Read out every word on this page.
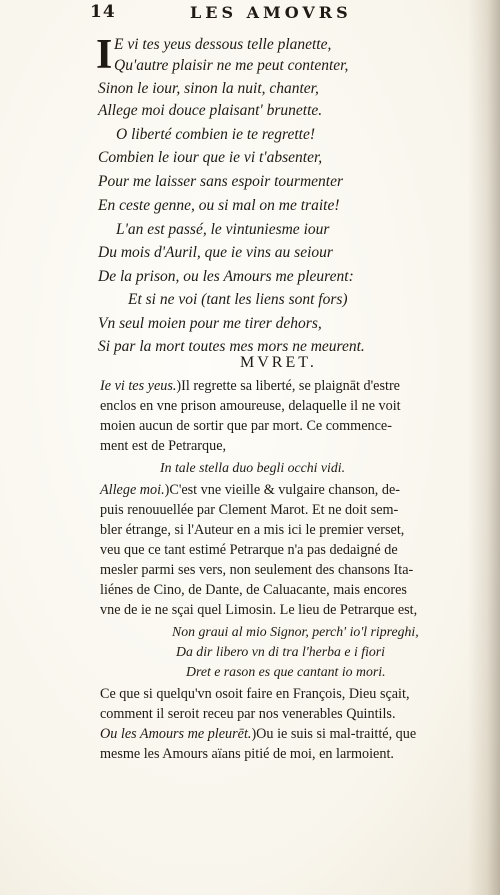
14	LES AMOVRS
I E vi tes yeus dessous telle planette,
Qu'autre plaisir ne me peut contenter,
Sinon le iour, sinon la nuit, chanter,
Allege moi douce plaisant' brunette.
O liberté combien ie te regrette!
Combien le iour que ie vi t'absenter,
Pour me laisser sans espoir tourmenter
En ceste genne, ou si mal on me traite!
L'an est passé, le vintuniesme iour
Du mois d'Auril, que ie vins au seiour
De la prison, ou les Amours me pleurent:
Et si ne voi (tant les liens sont fors)
Vn seul moien pour me tirer dehors,
Si par la mort toutes mes mors ne meurent.
MVRET.
Ie vi tes yeus.)Il regrette sa liberté, se plaignāt d'estre
enclos en vne prison amoureuse, delaquelle il ne voit
moien aucun de sortir que par mort. Ce commence-
ment est de Petrarque,
In tale stella duo begli occhi vidi.
Allege moi.)C'est vne vieille & vulgaire chanson, de-
puis renouuellée par Clement Marot. Et ne doit sem-
bler étrange, si l'Auteur en a mis ici le premier verset,
veu que ce tant estimé Petrarque n'a pas dedaigné de
mesler parmi ses vers, non seulement des chansons Ita-
liénes de Cino, de Dante, de Caluacante, mais encores
vne de ie ne sçai quel Limosin. Le lieu de Petrarque est,
Non graui al mio Signor, perch' io'l ripreghi,
Da dir libero vn di tra l'herba e i fiori
Dret e rason es que cantant io mori.
Ce que si quelqu'vn osoit faire en François, Dieu sçait,
comment il seroit receu par nos venerables Quintils.
Ou les Amours me pleurēt.)Ou ie suis si mal-traitté, que
mesme les Amours aïans pitié de moi, en larmoient.
